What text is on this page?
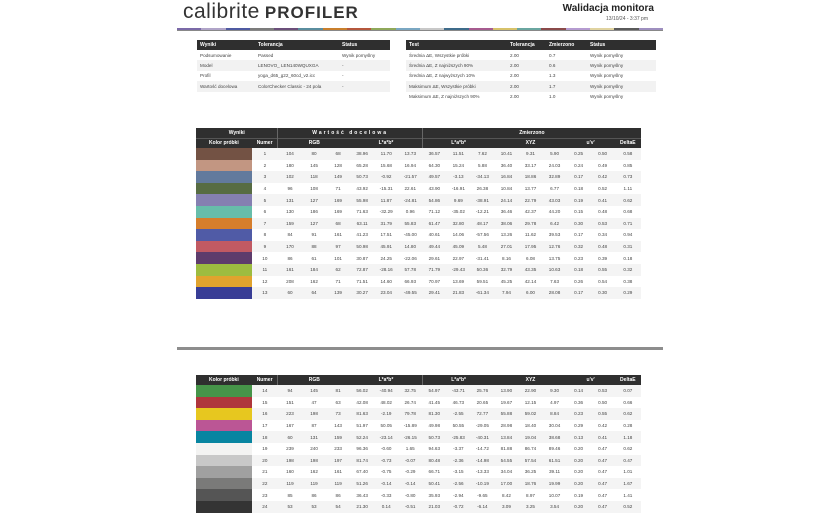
calibrite PROFILER	Walidacja monitora
13/10/24 - 3:37 pm
Wyniki	Tolerancja	Status
Podsumowanie	Passed	Wynik pomyślny
Model	LENOVO_ LEN140WQUXGA	-
Profil	yoga_d65_g22_60cd_v2.icc	-
Wartość docelowa	ColorChecker Classic - 24 pola	-
Test	Tolerancja	Zmierzono	Status
Średnia ΔE, Wszystkie próbki	2.00	0.7	Wynik pomyślny
Średnia ΔE, Z najniższych 90%	2.00	0.6	Wynik pomyślny
Średnia ΔE, Z najwyższych 10%	2.00	1.3	Wynik pomyślny
Maksimum ΔE, Wszystkie próbki	2.00	1.7	Wynik pomyślny
Maksimum ΔE, Z najniższych 90%	2.00	1.0	Wynik pomyślny
Wyniki		Wartość docelowa						Zmierzono								
Kolor próbki	Numer	RGB			L*a*b*			L*a*b*			XYZ			u'v'		DeltaE

	1	104	80	68	38.96	11.70	13.73	36.57	11.51	7.62	10.41	9.31	5.90	0.25	0.50	0.58

	2	180	145	128	65.28	15.68	16.94	64.30	15.24	5.88	36.40	33.17	24.03	0.24	0.49	0.85

	3	102	118	149	50.73	-0.92	-21.57	49.57	-3.13	-34.13	16.84	18.86	32.89	0.17	0.42	0.73

	4	96	108	71	43.92	-15.31	22.61	43.90	-16.91	26.38	10.84	13.77	6.77	0.18	0.52	1.11

	5	131	127	169	55.98	11.87	-24.81	54.86	9.69	-38.91	24.14	22.79	43.03	0.19	0.41	0.62

	6	130	186	169	71.63	-32.29	0.96	71.12	-35.02	-12.21	36.46	42.37	44.20	0.15	0.48	0.68

	7	159	127	68	63.11	31.79	55.83	61.47	32.80	48.17	38.06	29.78	6.42	0.30	0.53	0.71

	8	84	91	161	41.23	17.51	-45.00	40.61	14.06	-57.56	13.26	11.62	39.53	0.17	0.34	0.94

	9	170	88	97	50.98	45.91	14.80	49.44	45.09	5.48	27.01	17.95	12.76	0.32	0.48	0.31

	10	86	61	101	30.87	24.25	-22.06	29.61	22.97	-31.41	8.16	6.08	13.75	0.23	0.39	0.18

	11	161	184	62	72.87	-28.16	57.78	71.79	-29.43	50.36	32.79	43.35	10.63	0.18	0.55	0.32

	12	208	162	71	71.51	14.60	66.93	70.97	13.69	59.51	45.25	42.14	7.63	0.26	0.54	0.38

	13	60	64	139	30.27	23.04	-49.55	29.41	21.83	-61.34	7.94	6.00	28.08	0.17	0.30	0.29
Kolor próbki	Numer	RGB			L*a*b*			L*a*b*			XYZ			u'v'		DeltaE

	14	94	145	81	56.02	-40.94	32.75	54.97	-43.71	25.76	13.90	22.90	9.30	0.14	0.53	0.07

	15	151	47	63	42.08	48.02	26.74	41.45	46.73	20.65	19.67	12.15	4.97	0.36	0.50	0.66

	16	223	198	73	81.63	-2.19	79.78	81.30	-2.55	72.77	55.88	59.02	8.84	0.23	0.55	0.62

	17	167	87	143	51.97	50.05	-15.89	49.98	50.55	-29.05	28.98	18.40	30.04	0.29	0.42	0.28

	18	60	131	159	52.24	-23.14	-26.15	50.73	-25.83	-40.31	13.84	19.04	38.68	0.13	0.41	1.18

	19	239	240	233	96.36	-0.60	1.65	94.63	-3.37	-14.72	81.88	86.74	89.46	0.20	0.47	0.62

	20	198	198	197	81.74	-0.73	-0.07	80.48	-2.36	-14.98	54.55	57.54	61.51	0.20	0.47	0.47

	21	160	162	161	67.40	-0.75	-0.29	66.71	-3.15	-13.33	34.04	36.25	39.11	0.20	0.47	1.01

	22	119	119	119	51.26	-0.14	-0.14	50.41	-2.56	-10.19	17.00	18.76	19.99	0.20	0.47	1.67

	23	85	86	86	36.43	-0.33	-0.80	35.93	-2.94	-9.65	8.42	8.97	10.07	0.19	0.47	1.41

	24	53	53	54	21.30	0.14	-0.51	21.03	-0.72	-6.14	3.09	3.25	3.54	0.20	0.47	0.52
